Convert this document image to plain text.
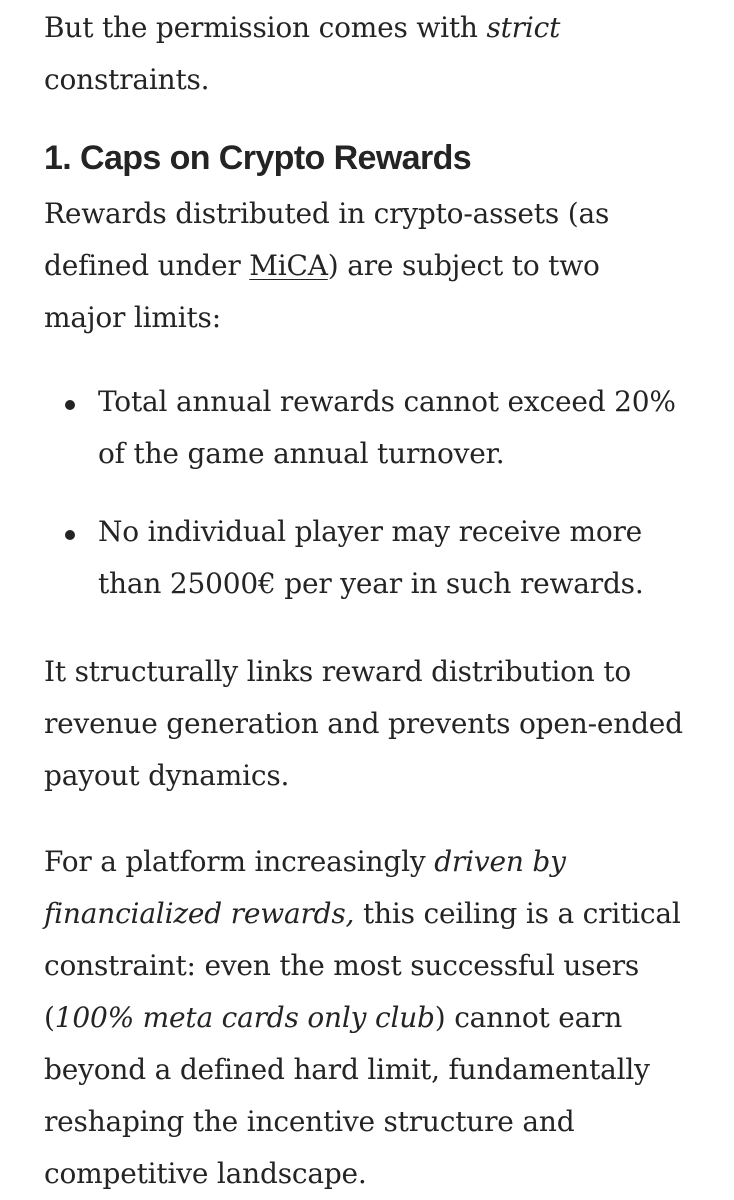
But the permission comes with strict constraints.

1. Caps on Crypto Rewards

Rewards distributed in crypto-assets (as defined under MiCA) are subject to two major limits:

Total annual rewards cannot exceed 20% of the game annual turnover.
No individual player may receive more than 25000€ per year in such rewards.

It structurally links reward distribution to revenue generation and prevents open-ended payout dynamics.

For a platform increasingly driven by financialized rewards, this ceiling is a critical constraint: even the most successful users (100% meta cards only club) cannot earn beyond a defined hard limit, fundamentally reshaping the incentive structure and competitive landscape.
